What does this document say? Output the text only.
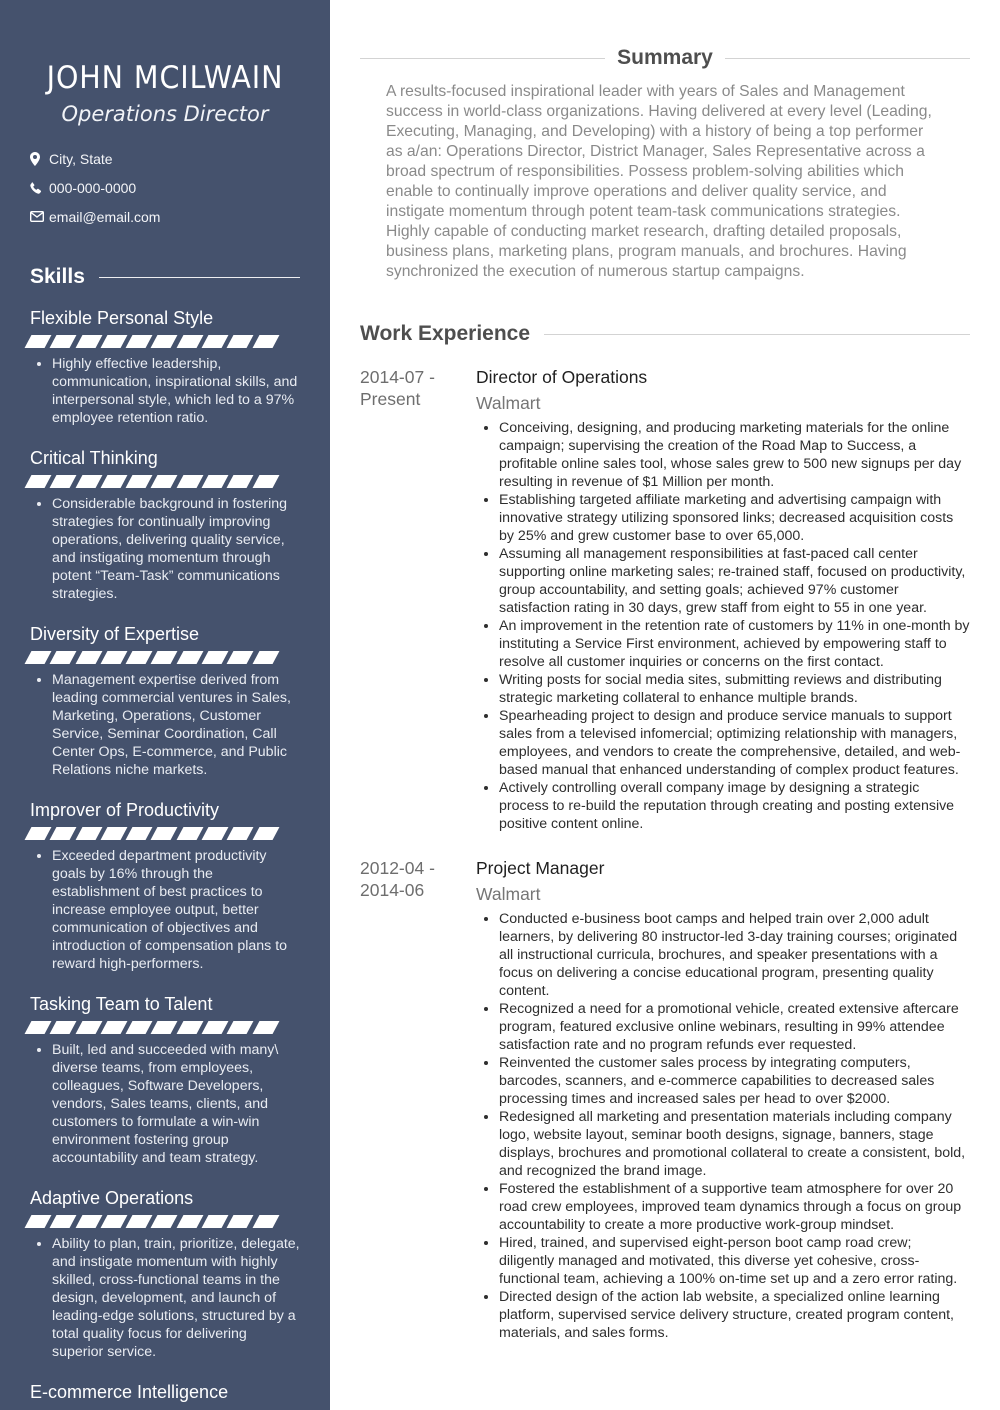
JOHN MCILWAIN
Operations Director
City, State
000-000-0000
email@email.com
Skills
Flexible Personal Style
• Highly effective leadership, communication, inspirational skills, and interpersonal style, which led to a 97% employee retention ratio.
Critical Thinking
• Considerable background in fostering strategies for continually improving operations, delivering quality service, and instigating momentum through potent “Team-Task” communications strategies.
Diversity of Expertise
• Management expertise derived from leading commercial ventures in Sales, Marketing, Operations, Customer Service, Seminar Coordination, Call Center Ops, E-commerce, and Public Relations niche markets.
Improver of Productivity
• Exceeded department productivity goals by 16% through the establishment of best practices to increase employee output, better communication of objectives and introduction of compensation plans to reward high-performers.
Tasking Team to Talent
• Built, led and succeeded with many\ diverse teams, from employees, colleagues, Software Developers, vendors, Sales teams, clients, and customers to formulate a win-win environment fostering group accountability and team strategy.
Adaptive Operations
• Ability to plan, train, prioritize, delegate, and instigate momentum with highly skilled, cross-functional teams in the design, development, and launch of leading-edge solutions, structured by a total quality focus for delivering superior service.
E-commerce Intelligence
Summary

A results-focused inspirational leader with years of Sales and Management success in world-class organizations. Having delivered at every level (Leading, Executing, Managing, and Developing) with a history of being a top performer as a/an: Operations Director, District Manager, Sales Representative across a broad spectrum of responsibilities. Possess problem-solving abilities which enable to continually improve operations and deliver quality service, and instigate momentum through potent team-task communications strategies. Highly capable of conducting market research, drafting detailed proposals, business plans, marketing plans, program manuals, and brochures. Having synchronized the execution of numerous startup campaigns.

Work Experience
2014-07 - Present
Director of Operations
Walmart
• Conceiving, designing, and producing marketing materials for the online campaign; supervising the creation of the Road Map to Success, a profitable online sales tool, whose sales grew to 500 new signups per day resulting in revenue of $1 Million per month.
• Establishing targeted affiliate marketing and advertising campaign with innovative strategy utilizing sponsored links; decreased acquisition costs by 25% and grew customer base to over 65,000.
• Assuming all management responsibilities at fast-paced call center supporting online marketing sales; re-trained staff, focused on productivity, group accountability, and setting goals; achieved 97% customer satisfaction rating in 30 days, grew staff from eight to 55 in one year.
• An improvement in the retention rate of customers by 11% in one-month by instituting a Service First environment, achieved by empowering staff to resolve all customer inquiries or concerns on the first contact.
• Writing posts for social media sites, submitting reviews and distributing strategic marketing collateral to enhance multiple brands.
• Spearheading project to design and produce service manuals to support sales from a televised infomercial; optimizing relationship with managers, employees, and vendors to create the comprehensive, detailed, and web-based manual that enhanced understanding of complex product features.
• Actively controlling overall company image by designing a strategic process to re-build the reputation through creating and posting extensive positive content online.
2012-04 - 2014-06
Project Manager
Walmart
• Conducted e-business boot camps and helped train over 2,000 adult learners, by delivering 80 instructor-led 3-day training courses; originated all instructional curricula, brochures, and speaker presentations with a focus on delivering a concise educational program, presenting quality content.
• Recognized a need for a promotional vehicle, created extensive aftercare program, featured exclusive online webinars, resulting in 99% attendee satisfaction rate and no program refunds ever requested.
• Reinvented the customer sales process by integrating computers, barcodes, scanners, and e-commerce capabilities to decreased sales processing times and increased sales per head to over $2000.
• Redesigned all marketing and presentation materials including company logo, website layout, seminar booth designs, signage, banners, stage displays, brochures and promotional collateral to create a consistent, bold, and recognized the brand image.
• Fostered the establishment of a supportive team atmosphere for over 20 road crew employees, improved team dynamics through a focus on group accountability to create a more productive work-group mindset.
• Hired, trained, and supervised eight-person boot camp road crew; diligently managed and motivated, this diverse yet cohesive, cross-functional team, achieving a 100% on-time set up and a zero error rating.
• Directed design of the action lab website, a specialized online learning platform, supervised service delivery structure, created program content, materials, and sales forms.
